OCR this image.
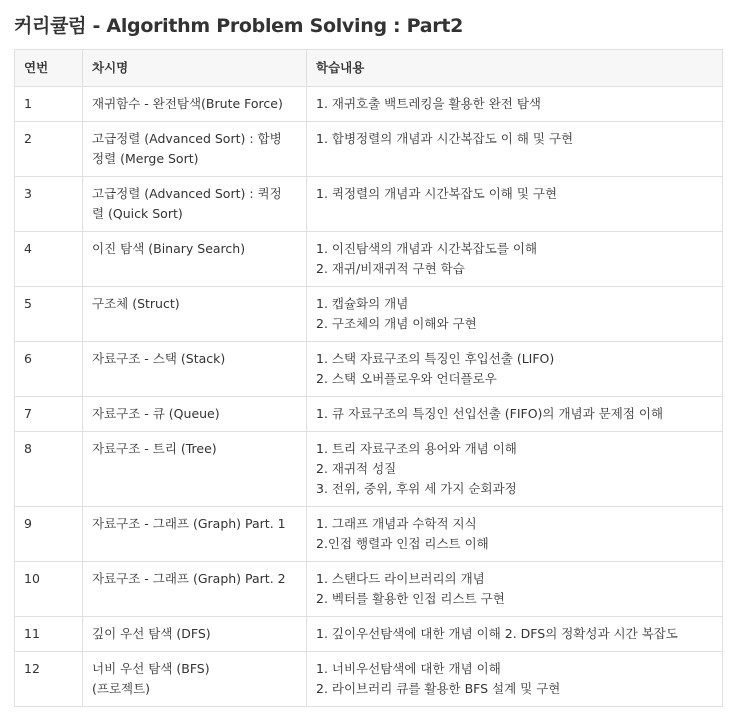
커리큘럼 - Algorithm Problem Solving : Part2
연번	차시명	학습내용
1	재귀함수 - 완전탐색(Brute Force)	1. 재귀호출 백트레킹을 활용한 완전 탐색

2	고급정렬 (Advanced Sort) : 합병
정렬 (Merge Sort)	1. 합병정렬의 개념과 시간복잡도 이 해 및 구현

3	고급정렬 (Advanced Sort) : 퀵정
렬 (Quick Sort)	1. 퀵정렬의 개념과 시간복잡도 이해 및 구현

4	이진 탐색 (Binary Search)	1. 이진탐색의 개념과 시간복잡도를 이해
2. 재귀/비재귀적 구현 학습

5	구조체 (Struct)	1. 캡슐화의 개념
2. 구조체의 개념 이해와 구현

6	자료구조 - 스택 (Stack)	1. 스택 자료구조의 특징인 후입선출 (LIFO)
2. 스택 오버플로우와 언더플로우

7	자료구조 - 큐 (Queue)	1. 큐 자료구조의 특징인 선입선출 (FIFO)의 개념과 문제점 이해

8	자료구조 - 트리 (Tree)	1. 트리 자료구조의 용어와 개념 이해
2. 재귀적 성질
3. 전위, 중위, 후위 세 가지 순회과정

9	자료구조 - 그래프 (Graph) Part. 1	1. 그래프 개념과 수학적 지식
2.인접 행렬과 인접 리스트 이해

10	자료구조 - 그래프 (Graph) Part. 2	1. 스탠다드 라이브러리의 개념
2. 벡터를 활용한 인접 리스트 구현

11	깊이 우선 탐색 (DFS)	1. 깊이우선탐색에 대한 개념 이해 2. DFS의 정확성과 시간 복잡도

12	너비 우선 탐색 (BFS)
(프로젝트)	1. 너비우선탐색에 대한 개념 이해
2. 라이브러리 큐를 활용한 BFS 설계 및 구현
